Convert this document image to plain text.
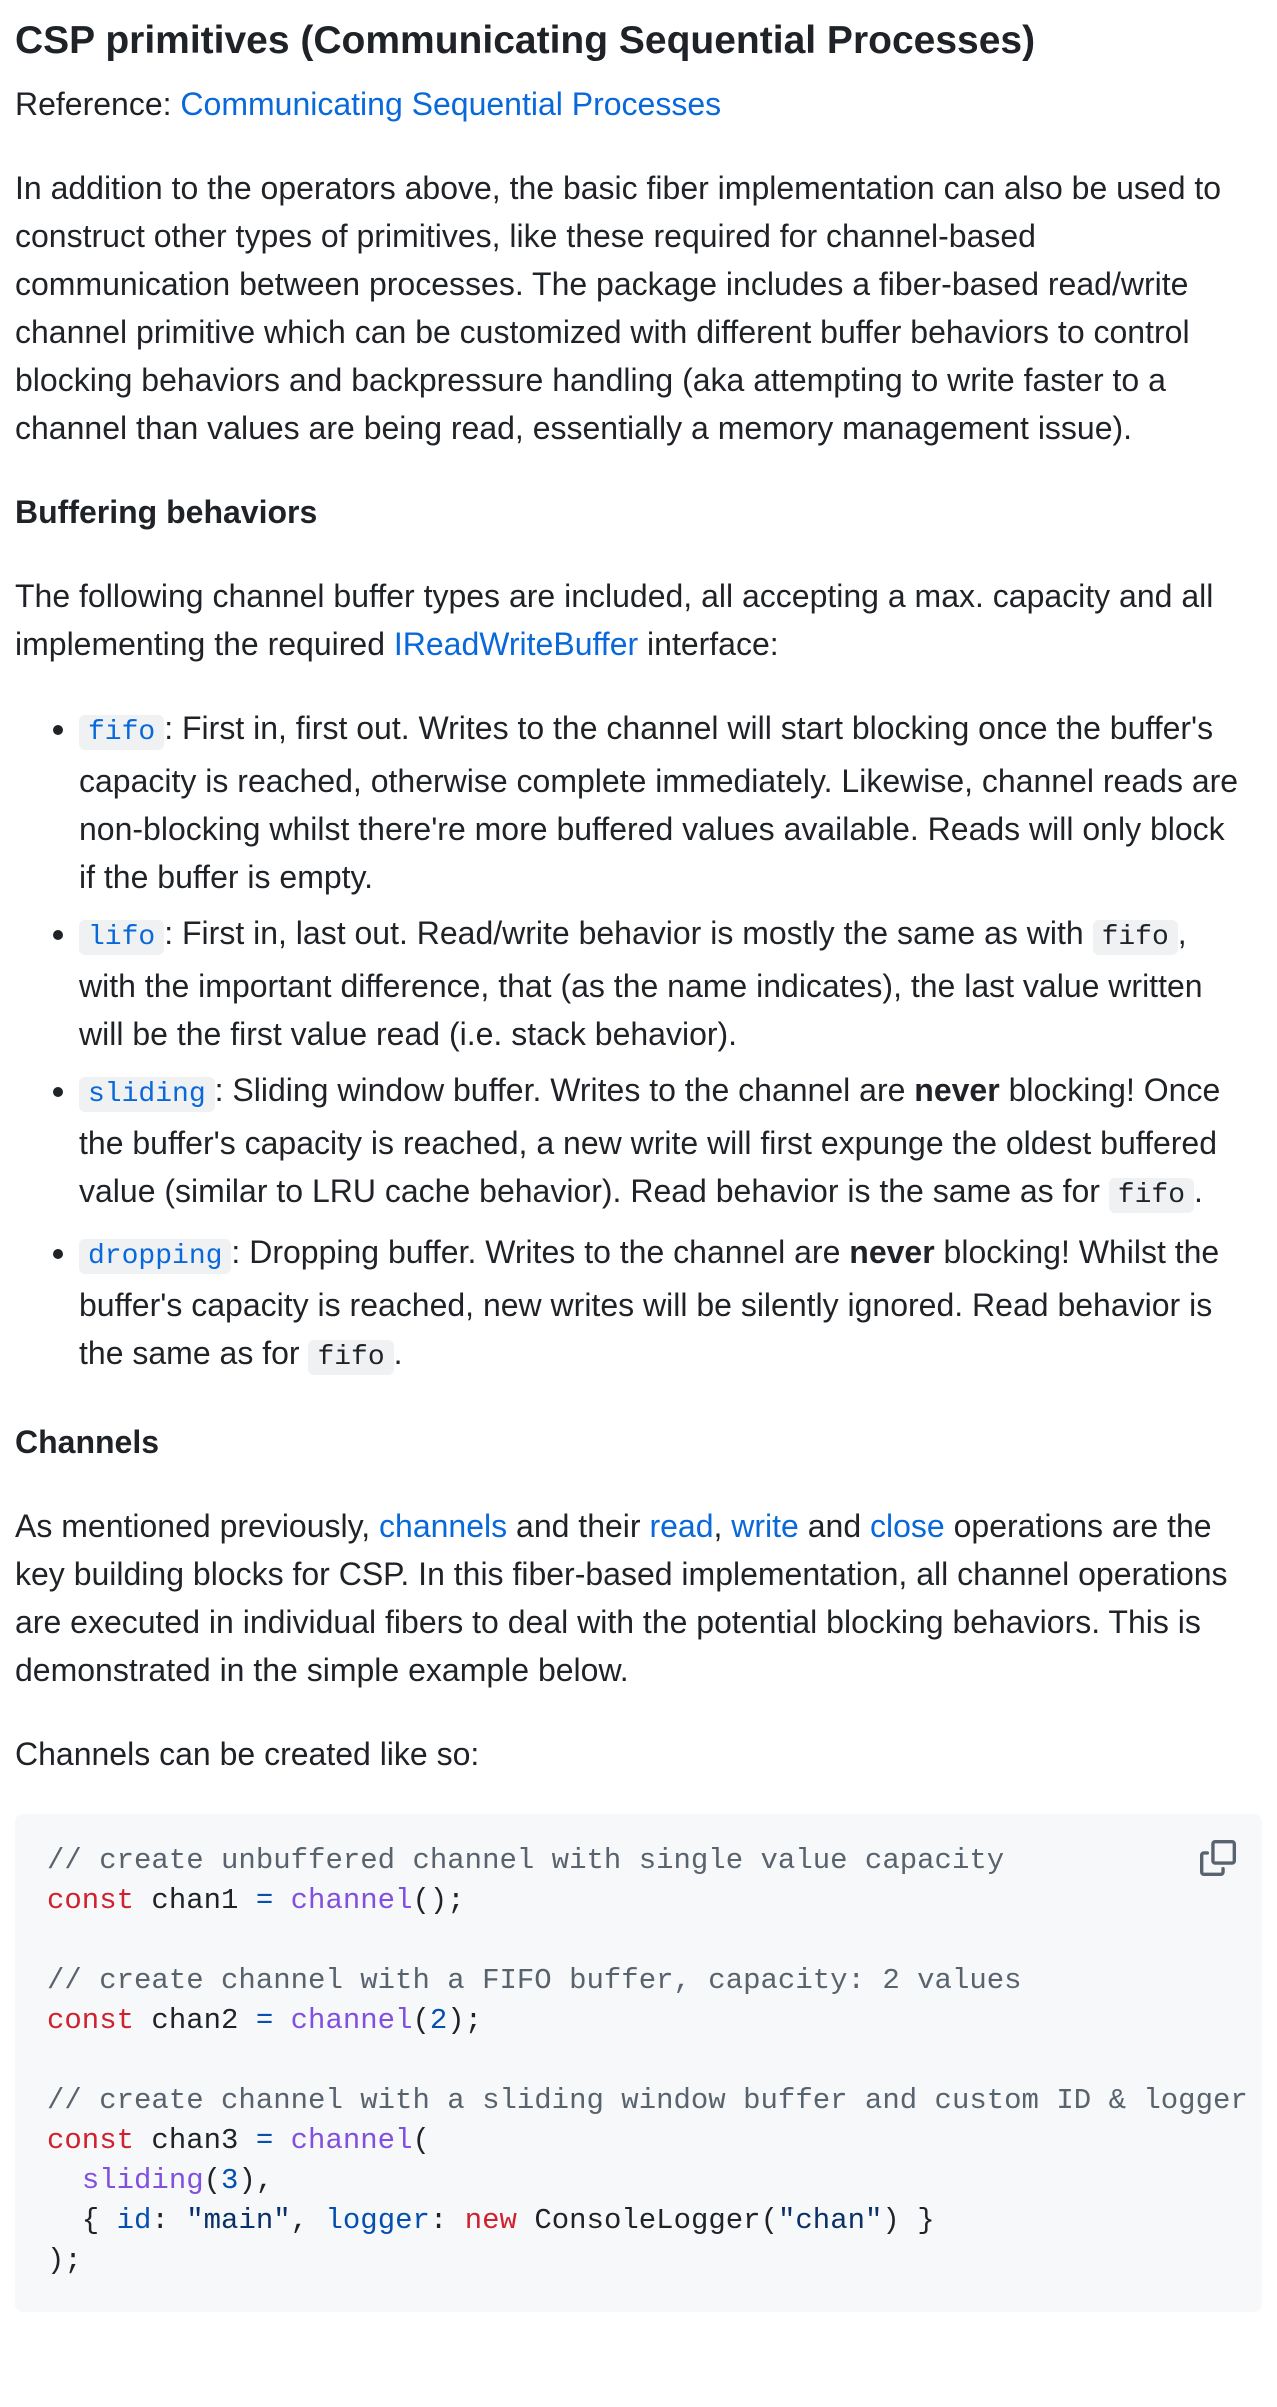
CSP primitives (Communicating Sequential Processes)

Reference: Communicating Sequential Processes

In addition to the operators above, the basic fiber implementation can also be used to construct other types of primitives, like these required for channel-based communication between processes. The package includes a fiber-based read/write channel primitive which can be customized with different buffer behaviors to control blocking behaviors and backpressure handling (aka attempting to write faster to a channel than values are being read, essentially a memory management issue).

Buffering behaviors

The following channel buffer types are included, all accepting a max. capacity and all implementing the required IReadWriteBuffer interface:

• fifo : First in, first out. Writes to the channel will start blocking once the buffer's capacity is reached, otherwise complete immediately. Likewise, channel reads are non-blocking whilst there're more buffered values available. Reads will only block if the buffer is empty.
• lifo : First in, last out. Read/write behavior is mostly the same as with fifo , with the important difference, that (as the name indicates), the last value written will be the first value read (i.e. stack behavior).
• sliding : Sliding window buffer. Writes to the channel are never blocking! Once the buffer's capacity is reached, a new write will first expunge the oldest buffered value (similar to LRU cache behavior). Read behavior is the same as for fifo .
• dropping : Dropping buffer. Writes to the channel are never blocking! Whilst the buffer's capacity is reached, new writes will be silently ignored. Read behavior is the same as for fifo .
Channels

As mentioned previously, channels and their read, write and close operations are the key building blocks for CSP. In this fiber-based implementation, all channel operations are executed in individual fibers to deal with the potential blocking behaviors. This is demonstrated in the simple example below.

Channels can be created like so:

// create unbuffered channel with single value capacity
const chan1 = channel();

// create channel with a FIFO buffer, capacity: 2 values
const chan2 = channel(2);

// create channel with a sliding window buffer and custom ID & logger
const chan3 = channel(
sliding(3),
{ id: "main", logger: new ConsoleLogger("chan") }
);
